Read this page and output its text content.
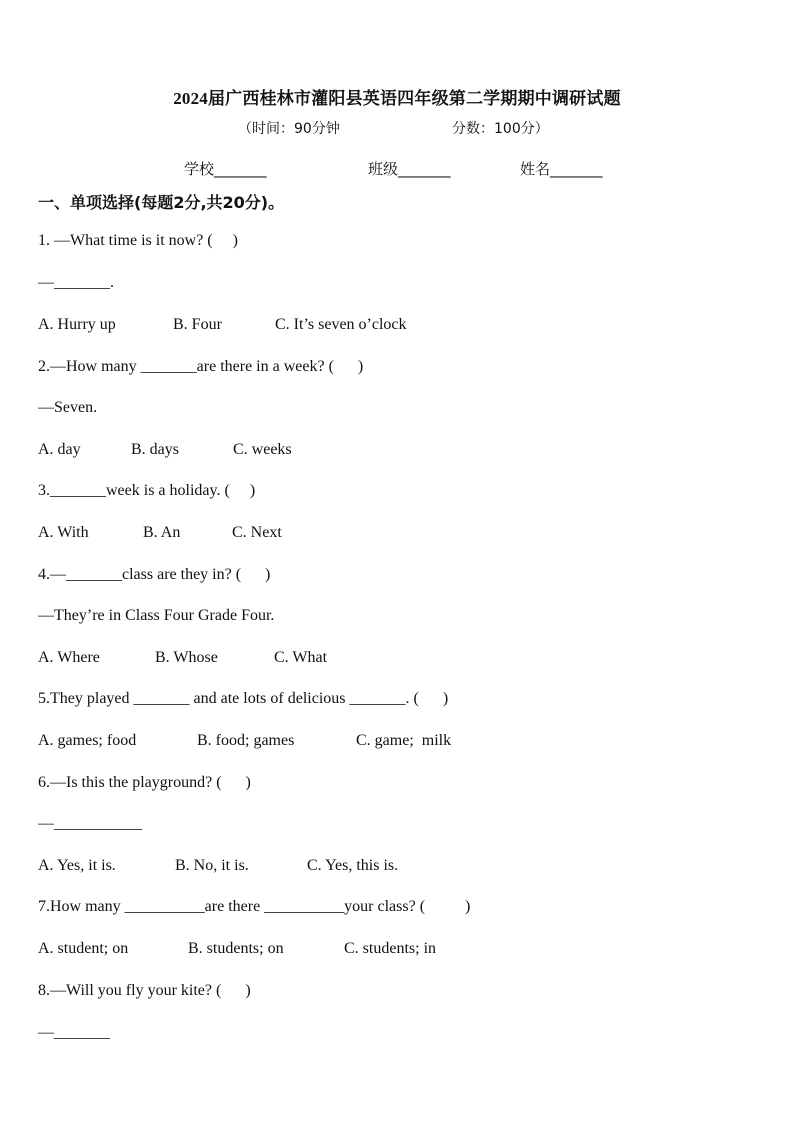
2024届广西桂林市灌阳县英语四年级第二学期期中调研试题
（时间：90分钟	分数：100分）
学校_______	班级_______	姓名_______
一、单项选择(每题2分,共20分)。
1. —What time is it now? (     )
—_______.
A. Hurry up	B. Four	C. It’s seven o’clock
2.—How many _______are there in a week? (      )
—Seven.
A. day	B. days	C. weeks
3._______week is a holiday. (     )
A. With	B. An	C. Next
4.—_______class are they in? (      )
—They’re in Class Four Grade Four.
A. Where	B. Whose	C. What
5.They played _______ and ate lots of delicious _______. (      )
A. games; food	B. food; games	C. game;  milk
6.—Is this the playground? (      )
—___________
A. Yes, it is.	B. No, it is.	C. Yes, this is.
7.How many __________are there __________your class? (          )
A. student; on	B. students; on	C. students; in
8.—Will you fly your kite? (      )
—_______
